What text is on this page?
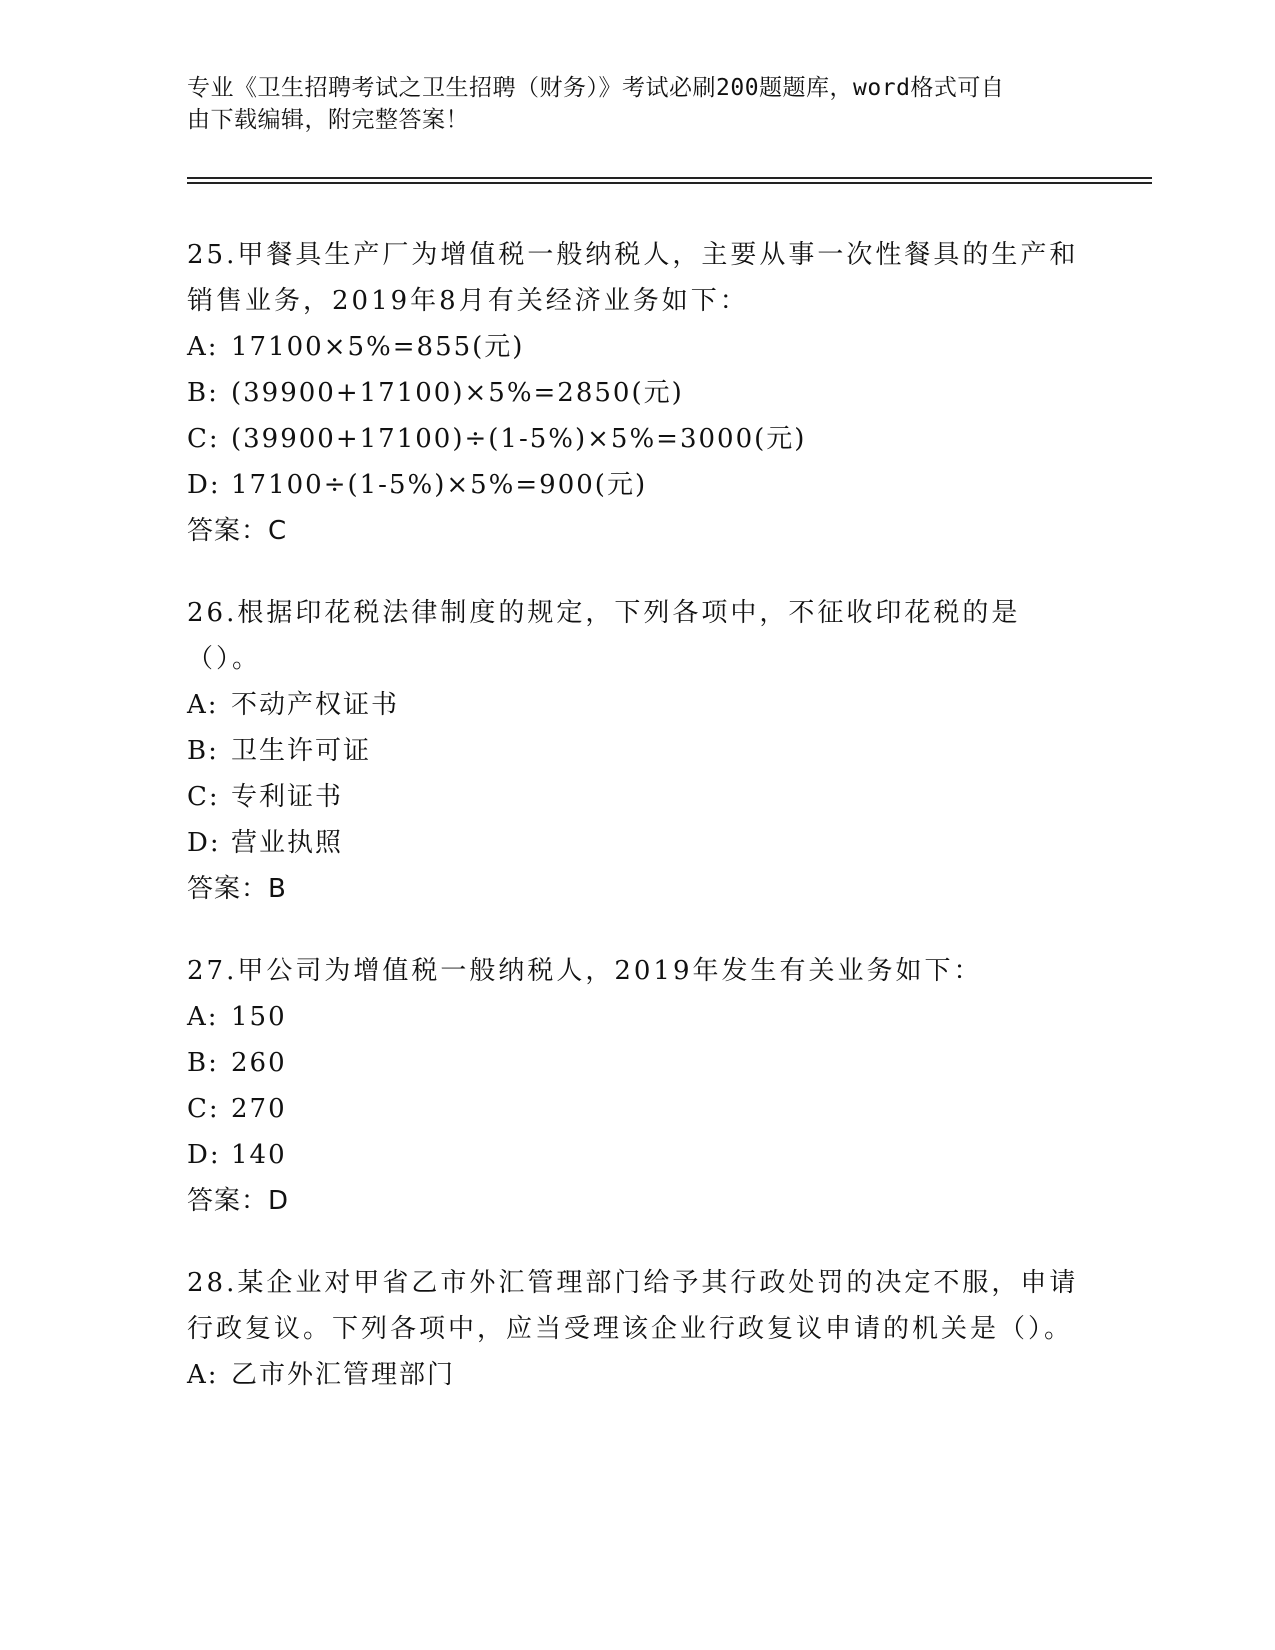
专业《卫生招聘考试之卫生招聘（财务）》考试必刷200题题库，word格式可自
由下载编辑，附完整答案！
25.甲餐具生产厂为增值税一般纳税人，主要从事一次性餐具的生产和销售业务，2019年8月有关经济业务如下：
A: 17100×5%=855(元)
B: (39900+17100)×5%=2850(元)
C: (39900+17100)÷(1-5%)×5%=3000(元)
D: 17100÷(1-5%)×5%=900(元)
答案：C
26.根据印花税法律制度的规定，下列各项中，不征收印花税的是（）。
A: 不动产权证书
B: 卫生许可证
C: 专利证书
D: 营业执照
答案：B
27.甲公司为增值税一般纳税人，2019年发生有关业务如下：
A: 150
B: 260
C: 270
D: 140
答案：D
28.某企业对甲省乙市外汇管理部门给予其行政处罚的决定不服，申请行政复议。下列各项中，应当受理该企业行政复议申请的机关是（）。
A: 乙市外汇管理部门
